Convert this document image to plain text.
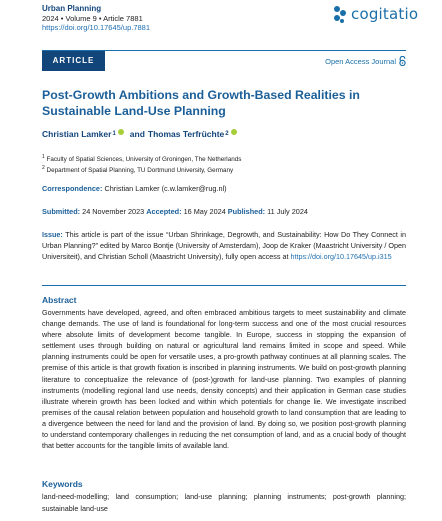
Urban Planning
2024 • Volume 9 • Article 7881
https://doi.org/10.17645/up.7881
cogitatio
ARTICLE	Open Access Journal
Post-Growth Ambitions and Growth-Based Realities in Sustainable Land-Use Planning
Christian Lamker 1 and Thomas Terfrüchte 2
$^1$ Faculty of Spatial Sciences, University of Groningen, The Netherlands
$^2$ Department of Spatial Planning, TU Dortmund University, Germany
Correspondence: Christian Lamker (c.w.lamker@rug.nl)
Submitted: 24 November 2023 Accepted: 16 May 2024 Published: 11 July 2024
Issue: This article is part of the issue “Urban Shrinkage, Degrowth, and Sustainability: How Do They Connect in Urban Planning?” edited by Marco Bontje (University of Amsterdam), Joop de Kraker (Maastricht University / Open Universiteit), and Christian Scholl (Maastricht University), fully open access at https://doi.org/10.17645/up.i315
Abstract
Governments have developed, agreed, and often embraced ambitious targets to meet sustainability and climate change demands. The use of land is foundational for long-term success and one of the most crucial resources where absolute limits of development become tangible. In Europe, success in stopping the expansion of settlement uses through building on natural or agricultural land remains limited in scope and speed. While planning instruments could be open for versatile uses, a pro-growth pathway continues at all planning scales. The premise of this article is that growth fixation is inscribed in planning instruments. We build on post-growth planning literature to conceptualize the relevance of (post-)growth for land-use planning. Two examples of planning instruments (modelling regional land use needs, density concepts) and their application in German case studies illustrate wherein growth has been locked and within which potentials for change lie. We investigate inscribed premises of the causal relation between population and household growth to land consumption that are leading to a divergence between the need for land and the provision of land. By doing so, we position post-growth planning to understand contemporary challenges in reducing the net consumption of land, and as a crucial body of thought that better accounts for the tangible limits of available land.
Keywords
land-need-modelling; land consumption; land-use planning; planning instruments; post-growth planning; sustainable land-use
